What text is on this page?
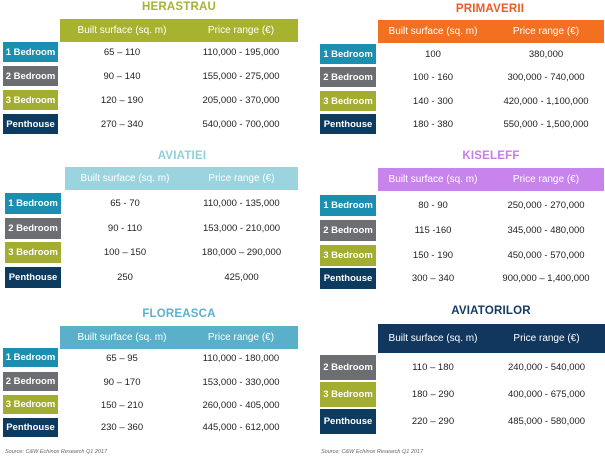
HERASTRAU
Built surface (sq. m)	Price range (€)
1 Bedroom	65 – 110	110,000 - 195,000
2 Bedroom	90 – 140	155,000 - 275,000
3 Bedroom	120 – 190	205,000 - 370,000
Penthouse	270 – 340	540,000 - 700,000
PRIMAVERII
Built surface (sq. m)	Price range (€)
1 Bedroom	100	380,000
2 Bedroom	100 - 160	300,000 - 740,000
3 Bedroom	140 - 300	420,000 - 1,100,000
Penthouse	180 - 380	550,000 - 1,500,000
AVIATIEI
Built surface (sq. m)	Price range (€)
1 Bedroom	65 - 70	110,000 - 135,000
2 Bedroom	90 - 110	153,000 - 210,000
3 Bedroom	100 – 150	180,000 – 290,000
Penthouse	250	425,000
KISELEFF
Built surface (sq. m)	Price range (€)
1 Bedroom	80 - 90	250,000 - 270,000
2 Bedroom	115 -160	345,000 - 480,000
3 Bedroom	150 - 190	450,000 - 570,000
Penthouse	300 – 340	900,000 – 1,400,000
FLOREASCA
Built surface (sq. m)	Price range (€)
1 Bedroom	65 – 95	110,000 - 180,000
2 Bedroom	90 – 170	153,000 - 330,000
3 Bedroom	150 – 210	260,000 - 405,000
Penthouse	230 – 360	445,000 - 612,000
AVIATORILOR
Built surface (sq. m)	Price range (€)
2 Bedroom	110 – 180	240,000 - 540,000
3 Bedroom	180 – 290	400,000 - 675,000
Penthouse	220 – 290	485,000 - 580,000
Source: C&W Echinox Research Q1 2017	Source: C&W Echinox Research Q1 2017
